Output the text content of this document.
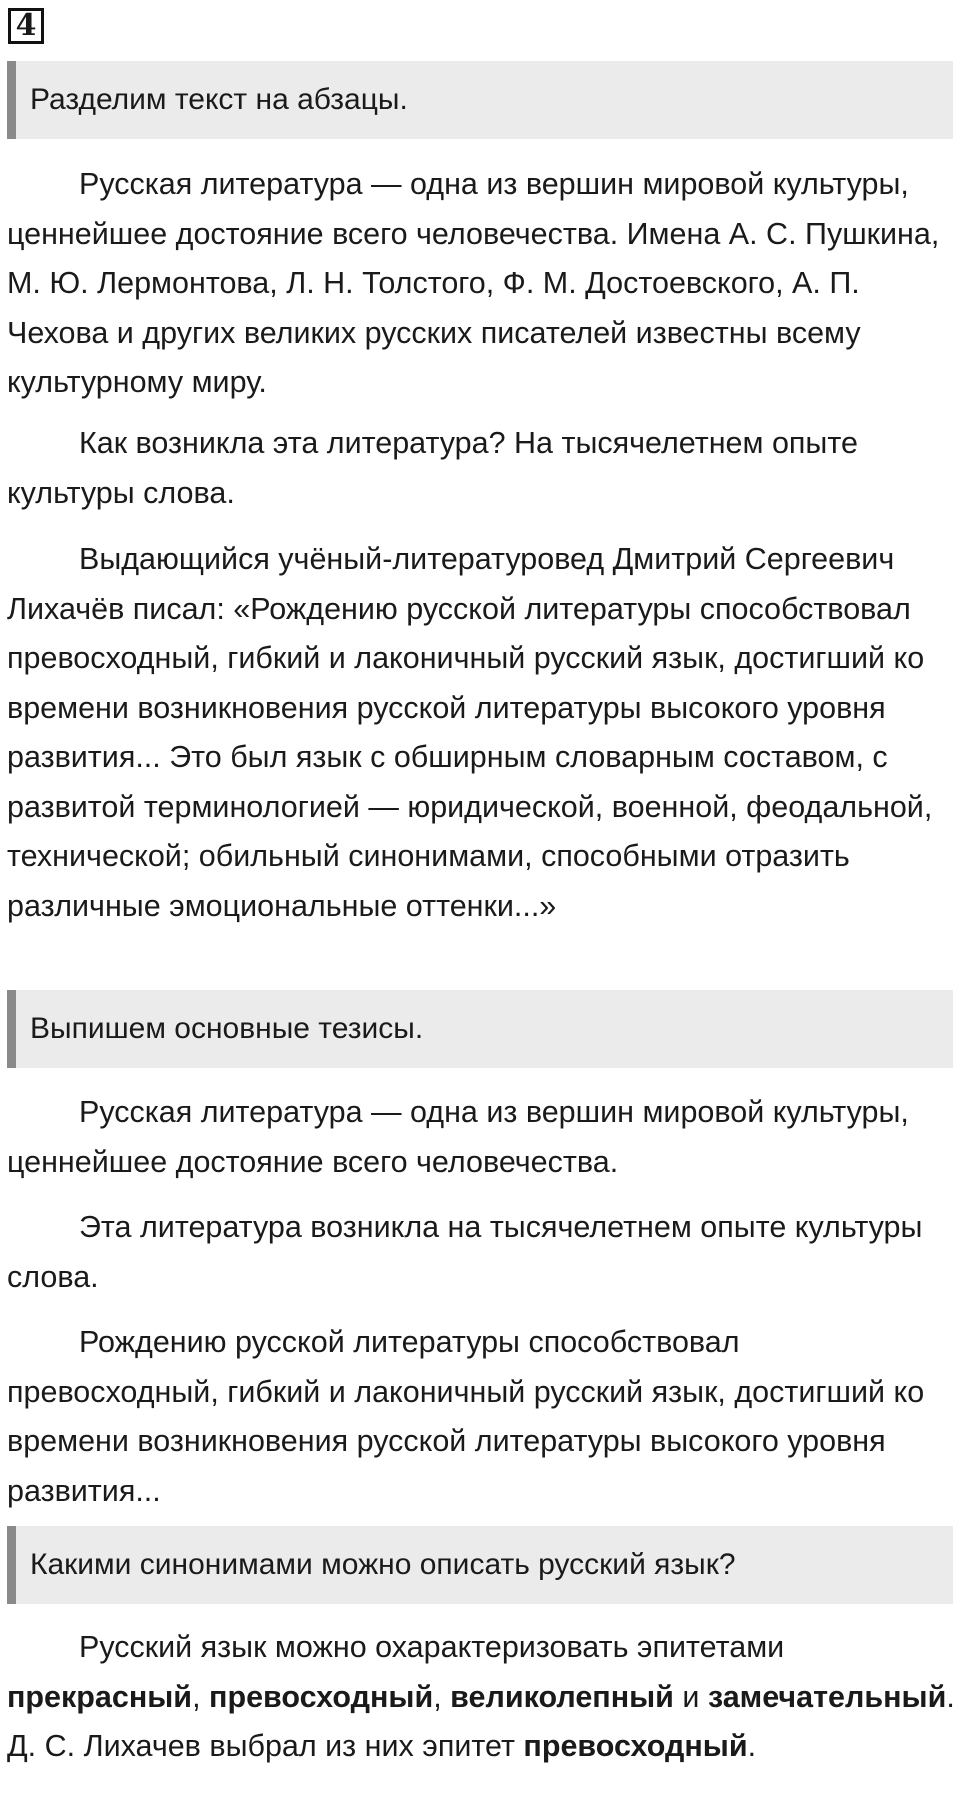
4
Разделим текст на абзацы.

Русская литература — одна из вершин мировой культуры, ценнейшее достояние всего человечества. Имена А. С. Пушкина, М. Ю. Лермонтова, Л. Н. Толстого, Ф. М. Достоевского, А. П. Чехова и других великих русских писателей известны всему культурному миру.

Как возникла эта литература? На тысячелетнем опыте культуры слова.

Выдающийся учёный-литературовед Дмитрий Сергеевич Лихачёв писал: «Рождению русской литературы способствовал превосходный, гибкий и лаконичный русский язык, достигший ко времени возникновения русской литературы высокого уровня развития... Это был язык с обширным словарным составом, с развитой терминологией — юридической, военной, феодальной, технической; обильный синонимами, способными отразить различные эмоциональные оттенки...»

Выпишем основные тезисы.

Русская литература — одна из вершин мировой культуры, ценнейшее достояние всего человечества.

Эта литература возникла на тысячелетнем опыте культуры слова.

Рождению русской литературы способствовал превосходный, гибкий и лаконичный русский язык, достигший ко времени возникновения русской литературы высокого уровня развития...

Какими синонимами можно описать русский язык?

Русский язык можно охарактеризовать эпитетами прекрасный, превосходный, великолепный и замечательный. Д. С. Лихачев выбрал из них эпитет превосходный.
